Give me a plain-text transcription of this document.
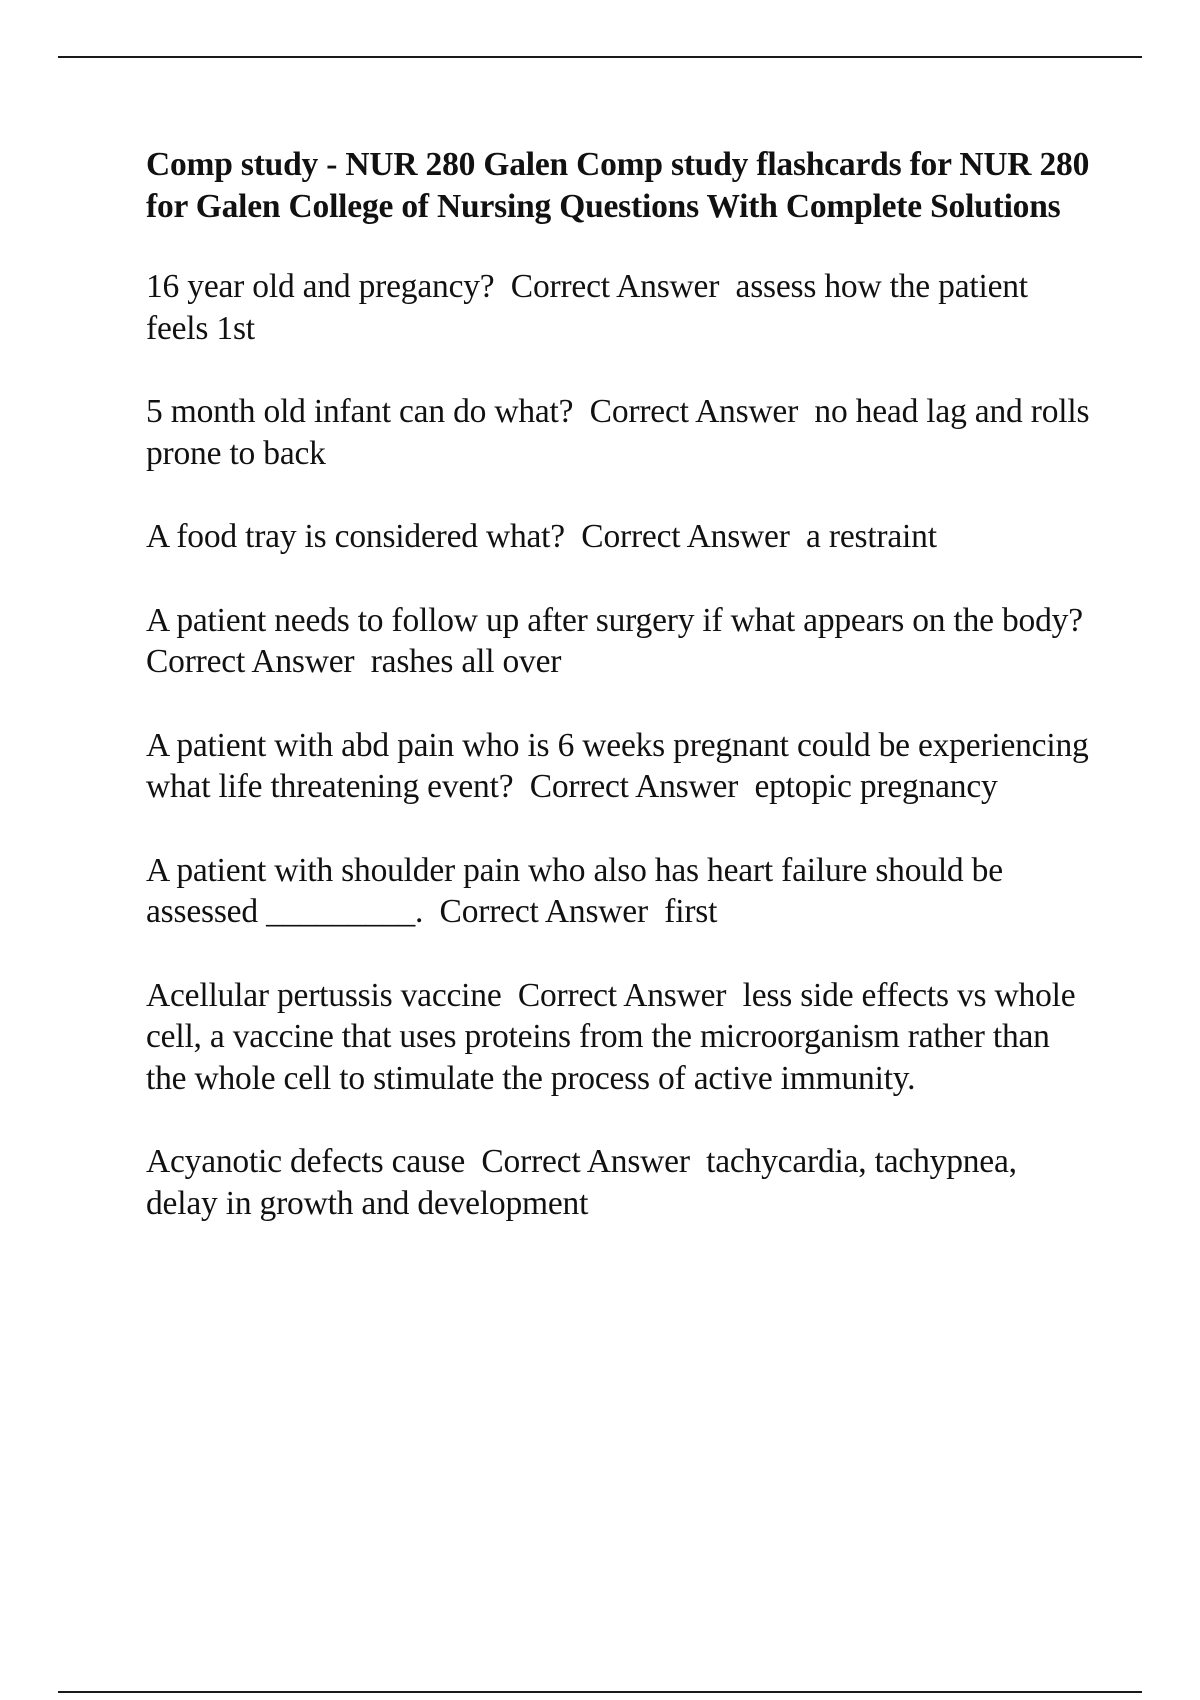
Comp study - NUR 280 Galen Comp study flashcards for NUR 280 for Galen College of Nursing Questions With Complete Solutions
16 year old and pregancy?  Correct Answer  assess how the patient feels 1st
5 month old infant can do what?  Correct Answer  no head lag and rolls prone to back
A food tray is considered what?  Correct Answer  a restraint
A patient needs to follow up after surgery if what appears on the body?  Correct Answer  rashes all over
A patient with abd pain who is 6 weeks pregnant could be experiencing what life threatening event?  Correct Answer  eptopic pregnancy
A patient with shoulder pain who also has heart failure should be assessed _________.  Correct Answer  first
Acellular pertussis vaccine  Correct Answer  less side effects vs whole cell, a vaccine that uses proteins from the microorganism rather than the whole cell to stimulate the process of active immunity.
Acyanotic defects cause  Correct Answer  tachycardia, tachypnea, delay in growth and development
